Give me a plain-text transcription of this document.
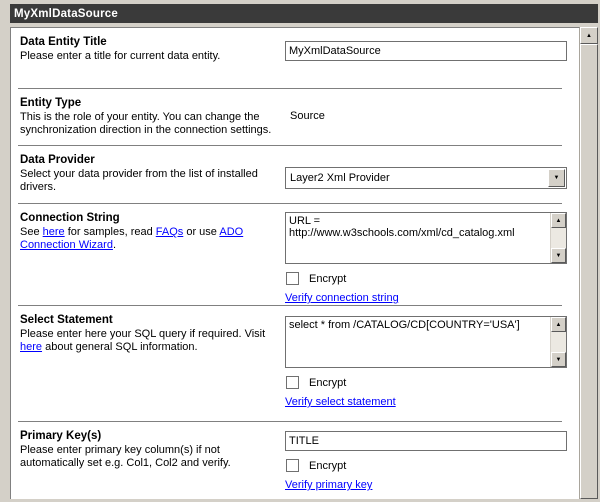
MyXmlDataSource
Data Entity Title
Please enter a title for current data entity.
MyXmlDataSource
Entity Type
This is the role of your entity. You can change the synchronization direction in the connection settings.
Source
Data Provider
Select your data provider from the list of installed drivers.
Layer2 Xml Provider	▼
Connection String
See here for samples, read FAQs or use ADO Connection Wizard.
URL = http://www.w3schools.com/xml/cd_catalog.xml
▲
▼
Encrypt
Verify connection string
Select Statement
Please enter here your SQL query if required. Visit here about general SQL information.
select * from /CATALOG/CD[COUNTRY='USA']
▲
▼
Encrypt
Verify select statement
Primary Key(s)
Please enter primary key column(s) if not automatically set e.g. Col1, Col2 and verify.
TITLE	Encrypt
Verify primary key
▲
